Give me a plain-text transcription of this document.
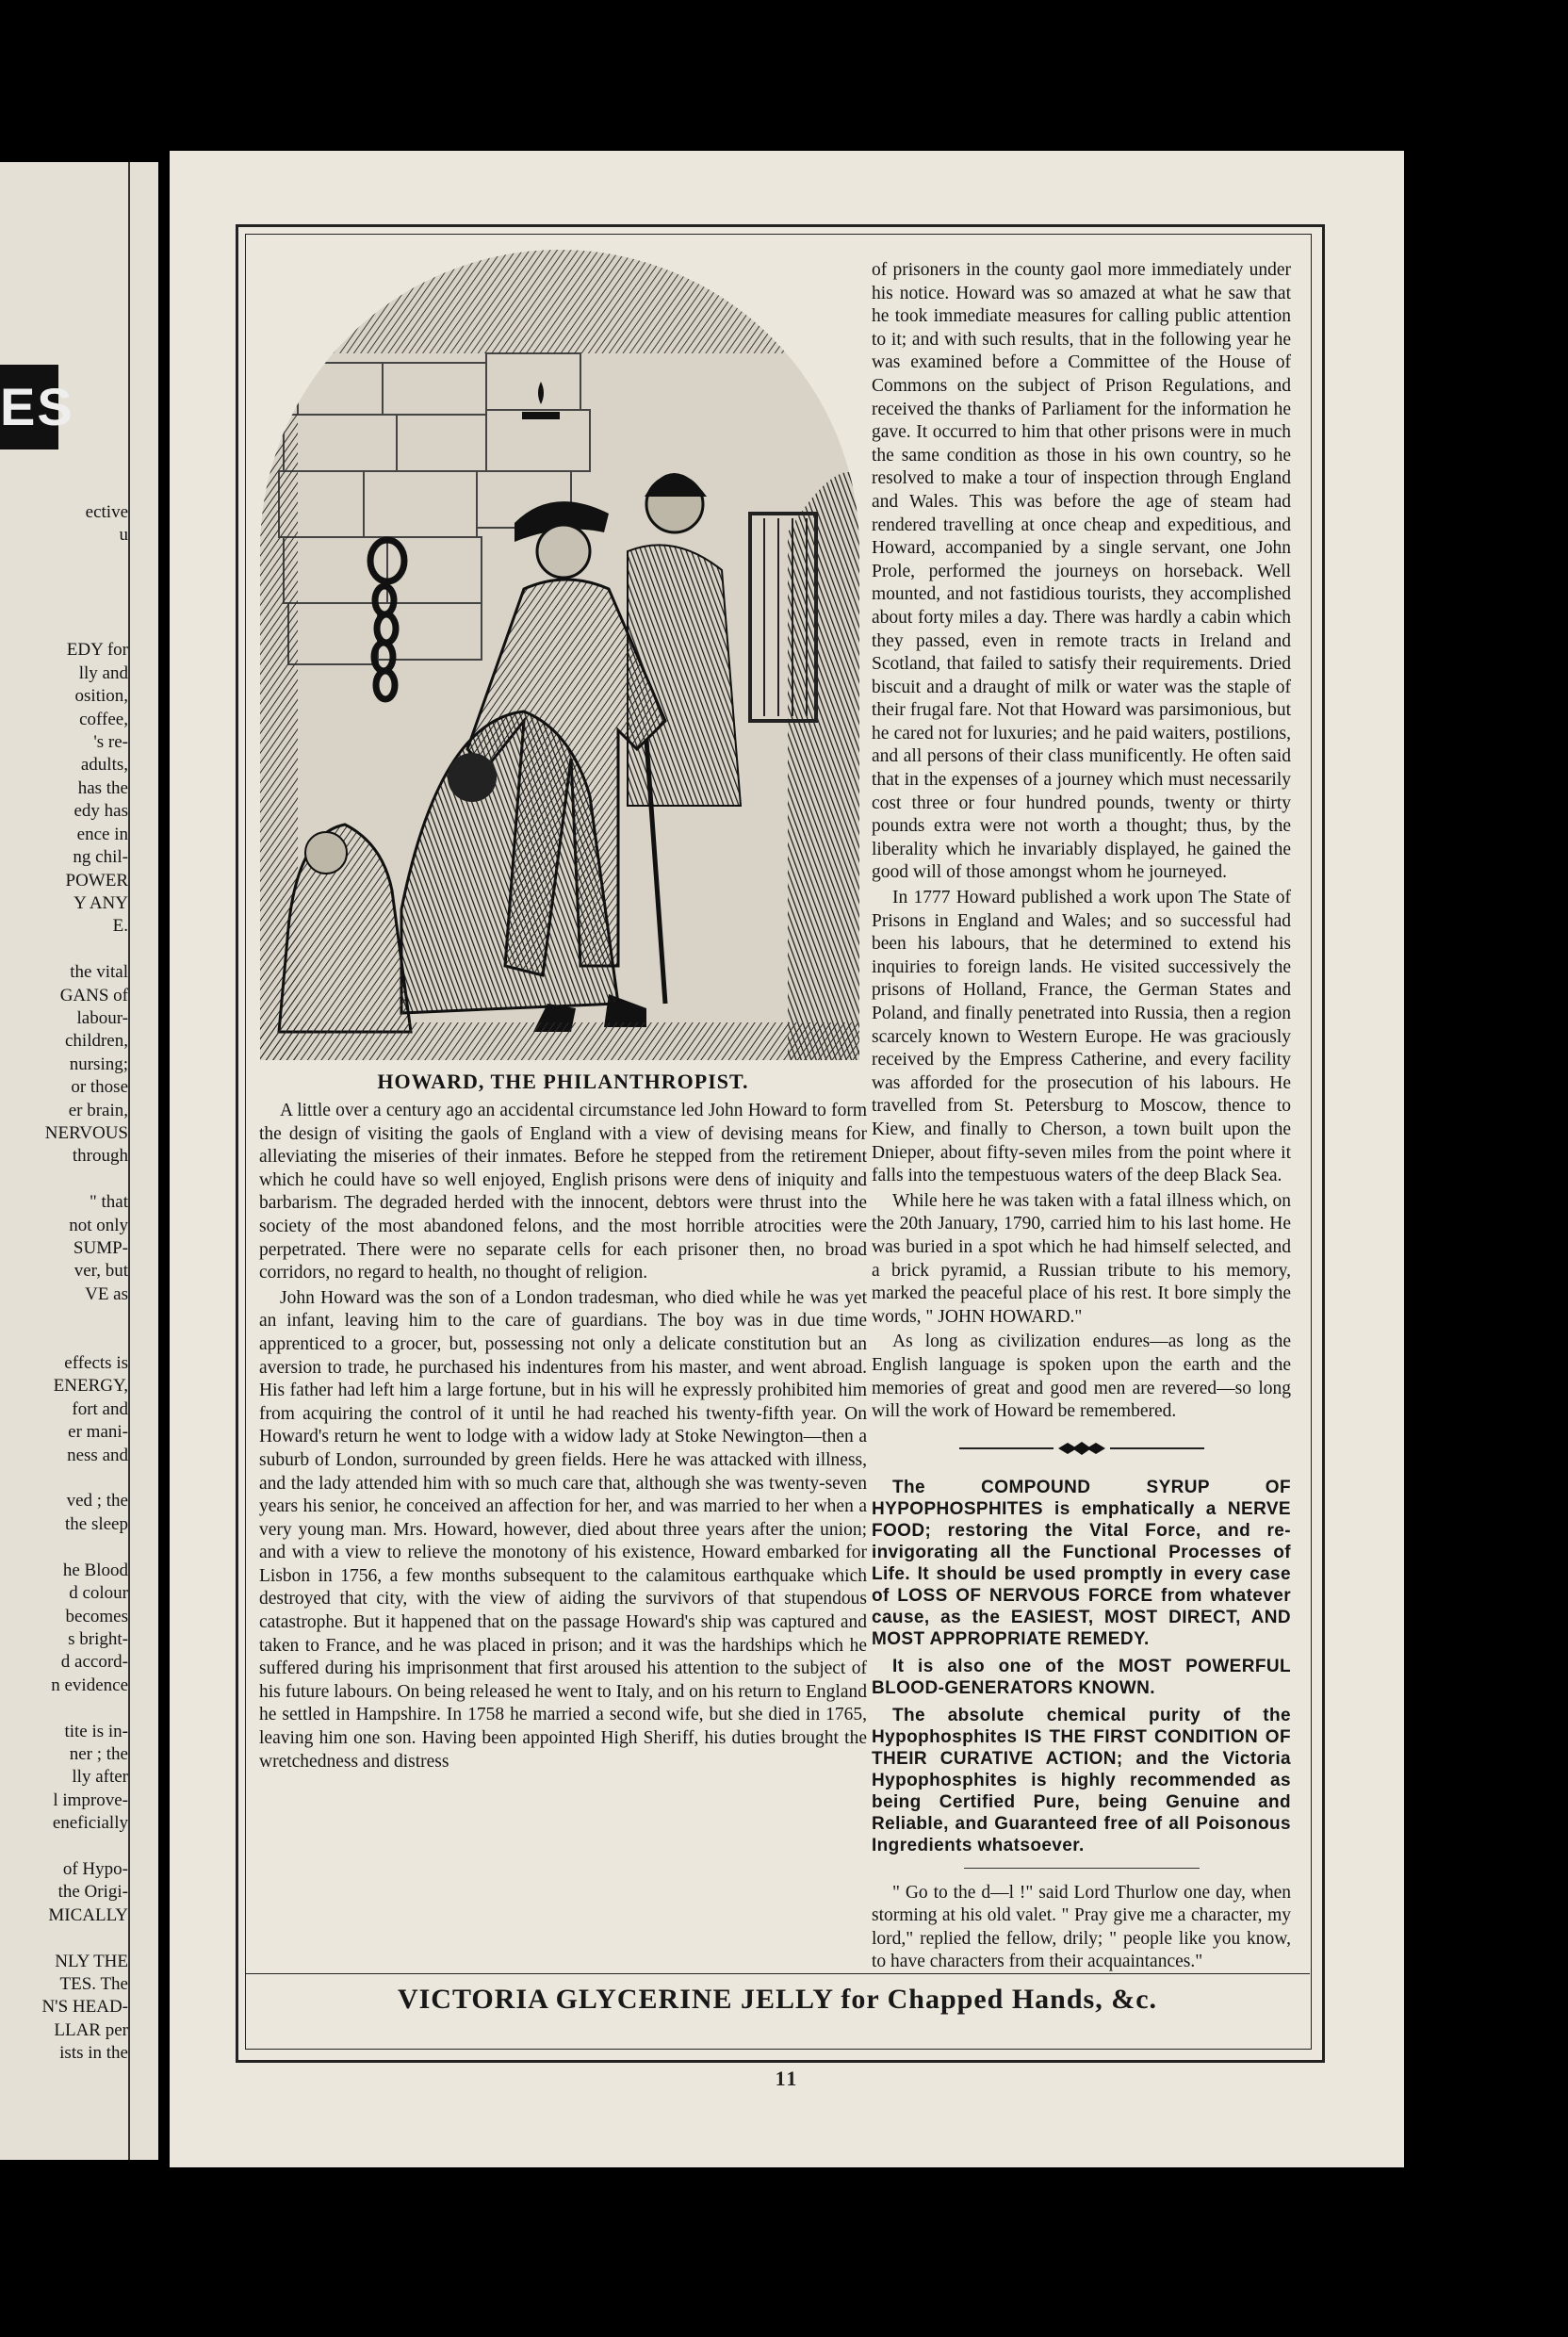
ES
ective
u

EDY for
lly and
osition,
coffee,
's re-
adults,
has the
edy has
ence in
ng chil-
POWER
Y ANY
E.

the vital
GANS of
labour-
children,
nursing;
or those
er brain,
NERVOUS
through

" that
not only
SUMP-
ver, but
VE as

effects is
ENERGY,
fort and
er mani-
ness and

ved ; the
the sleep

he Blood
d colour
becomes
s bright-
d accord-
n evidence

tite is in-
ner ; the
lly after
l improve-
eneficially

of Hypo-
the Origi-
MICALLY

NLY THE
TES. The
N'S HEAD-
LLAR per
ists in the
HOWARD, THE PHILANTHROPIST.

A little over a century ago an accidental circumstance led John Howard to form the design of visiting the gaols of England with a view of devising means for alleviating the miseries of their inmates. Before he stepped from the retirement which he could have so well enjoyed, English prisons were dens of iniquity and barbarism. The degraded herded with the innocent, debtors were thrust into the society of the most abandoned felons, and the most horrible atrocities were perpetrated. There were no separate cells for each prisoner then, no broad corridors, no regard to health, no thought of religion.

John Howard was the son of a London tradesman, who died while he was yet an infant, leaving him to the care of guardians. The boy was in due time apprenticed to a grocer, but, possessing not only a delicate constitution but an aversion to trade, he purchased his indentures from his master, and went abroad. His father had left him a large fortune, but in his will he expressly prohibited him from acquiring the control of it until he had reached his twenty-fifth year. On Howard's return he went to lodge with a widow lady at Stoke Newington—then a suburb of London, surrounded by green fields. Here he was attacked with illness, and the lady attended him with so much care that, although she was twenty-seven years his senior, he conceived an affection for her, and was married to her when a very young man. Mrs. Howard, however, died about three years after the union; and with a view to relieve the monotony of his existence, Howard embarked for Lisbon in 1756, a few months subsequent to the calamitous earthquake which destroyed that city, with the view of aiding the survivors of that stupendous catastrophe. But it happened that on the passage Howard's ship was captured and taken to France, and he was placed in prison; and it was the hardships which he suffered during his imprisonment that first aroused his attention to the subject of his future labours. On being released he went to Italy, and on his return to England he settled in Hampshire. In 1758 he married a second wife, but she died in 1765, leaving him one son. Having been appointed High Sheriff, his duties brought the wretchedness and distress

of prisoners in the county gaol more immediately under his notice. Howard was so amazed at what he saw that he took immediate measures for calling public attention to it; and with such results, that in the following year he was examined before a Committee of the House of Commons on the subject of Prison Regulations, and received the thanks of Parliament for the information he gave. It occurred to him that other prisons were in much the same condition as those in his own country, so he resolved to make a tour of inspection through England and Wales. This was before the age of steam had rendered travelling at once cheap and expeditious, and Howard, accompanied by a single servant, one John Prole, performed the journeys on horseback. Well mounted, and not fastidious tourists, they accomplished about forty miles a day. There was hardly a cabin which they passed, even in remote tracts in Ireland and Scotland, that failed to satisfy their requirements. Dried biscuit and a draught of milk or water was the staple of their frugal fare. Not that Howard was parsimonious, but he cared not for luxuries; and he paid waiters, postilions, and all persons of their class munificently. He often said that in the expenses of a journey which must necessarily cost three or four hundred pounds, twenty or thirty pounds extra were not worth a thought; thus, by the liberality which he invariably displayed, he gained the good will of those amongst whom he journeyed.

In 1777 Howard published a work upon The State of Prisons in England and Wales; and so successful had been his labours, that he determined to extend his inquiries to foreign lands. He visited successively the prisons of Holland, France, the German States and Poland, and finally penetrated into Russia, then a region scarcely known to Western Europe. He was graciously received by the Empress Catherine, and every facility was afforded for the prosecution of his labours. He travelled from St. Petersburg to Moscow, thence to Kiew, and finally to Cherson, a town built upon the Dnieper, about fifty-seven miles from the point where it falls into the tempestuous waters of the deep Black Sea.

While here he was taken with a fatal illness which, on the 20th January, 1790, carried him to his last home. He was buried in a spot which he had himself selected, and a brick pyramid, a Russian tribute to his memory, marked the peaceful place of his rest. It bore simply the words, " JOHN HOWARD."

As long as civilization endures—as long as the English language is spoken upon the earth and the memories of great and good men are revered—so long will the work of Howard be remembered.

The COMPOUND SYRUP OF HYPOPHOSPHITES is emphatically a NERVE FOOD; restoring the Vital Force, and re-invigorating all the Functional Processes of Life. It should be used promptly in every case of LOSS OF NERVOUS FORCE from whatever cause, as the EASIEST, MOST DIRECT, AND MOST APPROPRIATE REMEDY.

It is also one of the MOST POWERFUL BLOOD-GENERATORS KNOWN.

The absolute chemical purity of the Hypophosphites IS THE FIRST CONDITION OF THEIR CURATIVE ACTION; and the Victoria Hypophosphites is highly recommended as being Certified Pure, being Genuine and Reliable, and Guaranteed free of all Poisonous Ingredients whatsoever.

" Go to the d—l !" said Lord Thurlow one day, when storming at his old valet. " Pray give me a character, my lord," replied the fellow, drily; " people like you know, to have characters from their acquaintances."

VICTORIA GLYCERINE JELLY for Chapped Hands, &c.
11
